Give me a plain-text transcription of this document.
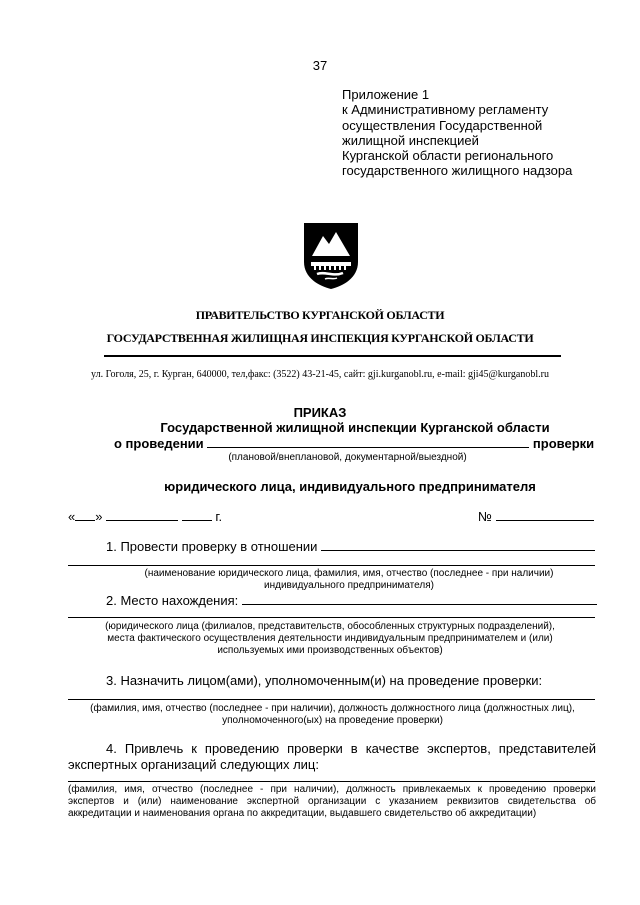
37
Приложение 1
к Административному регламенту
осуществления Государственной
жилищной инспекцией
Курганской области регионального
государственного жилищного надзора
ПРАВИТЕЛЬСТВО КУРГАНСКОЙ ОБЛАСТИ
ГОСУДАРСТВЕННАЯ ЖИЛИЩНАЯ ИНСПЕКЦИЯ КУРГАНСКОЙ ОБЛАСТИ
ул. Гоголя, 25, г. Курган, 640000, тел,факс: (3522) 43-21-45, сайт: gji.kurganobl.ru, e-mail: gji45@kurganobl.ru
ПРИКАЗ
Государственной жилищной инспекции Курганской области
о проведении	проверки
(плановой/внеплановой, документарной/выездной)
юридического лица, индивидуального предпринимателя
« »	г.	№
1. Провести проверку в отношении
(наименование юридического лица, фамилия, имя, отчество (последнее - при наличии)
индивидуального предпринимателя)
2. Место нахождения:
(юридического лица (филиалов, представительств, обособленных структурных подразделений),
места фактического осуществления деятельности индивидуальным предпринимателем и (или)
используемых ими производственных объектов)
3. Назначить лицом(ами), уполномоченным(и) на проведение проверки:
(фамилия, имя, отчество (последнее - при наличии), должность должностного лица (должностных лиц),
уполномоченного(ых) на проведение проверки)
4. Привлечь к проведению проверки в качестве экспертов, представителей экспертных организаций следующих лиц:
(фамилия, имя, отчество (последнее - при наличии), должность привлекаемых к проведению проверки экспертов и (или) наименование экспертной организации с указанием реквизитов свидетельства об аккредитации и наименования органа по аккредитации, выдавшего свидетельство об аккредитации)
